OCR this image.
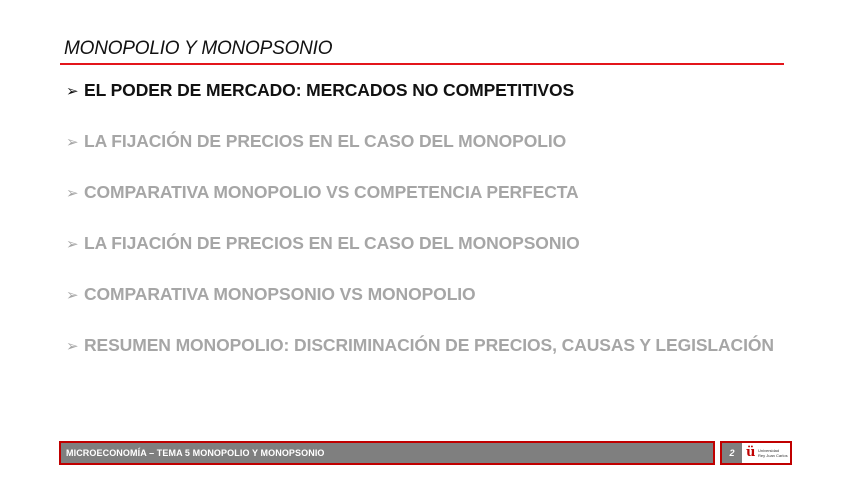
MONOPOLIO Y MONOPSONIO
➢ EL PODER DE MERCADO: MERCADOS NO COMPETITIVOS
➢ LA FIJACIÓN DE PRECIOS EN EL CASO DEL MONOPOLIO
➢ COMPARATIVA MONOPOLIO VS COMPETENCIA PERFECTA
➢ LA FIJACIÓN DE PRECIOS EN EL CASO DEL MONOPSONIO
➢ COMPARATIVA MONOPSONIO VS MONOPOLIO
➢ RESUMEN MONOPOLIO: DISCRIMINACIÓN DE PRECIOS, CAUSAS Y LEGISLACIÓN
MICROECONOMÍA – TEMA 5 MONOPOLIO Y MONOPSONIO	2 ü Universidad
Rey Juan Carlos
